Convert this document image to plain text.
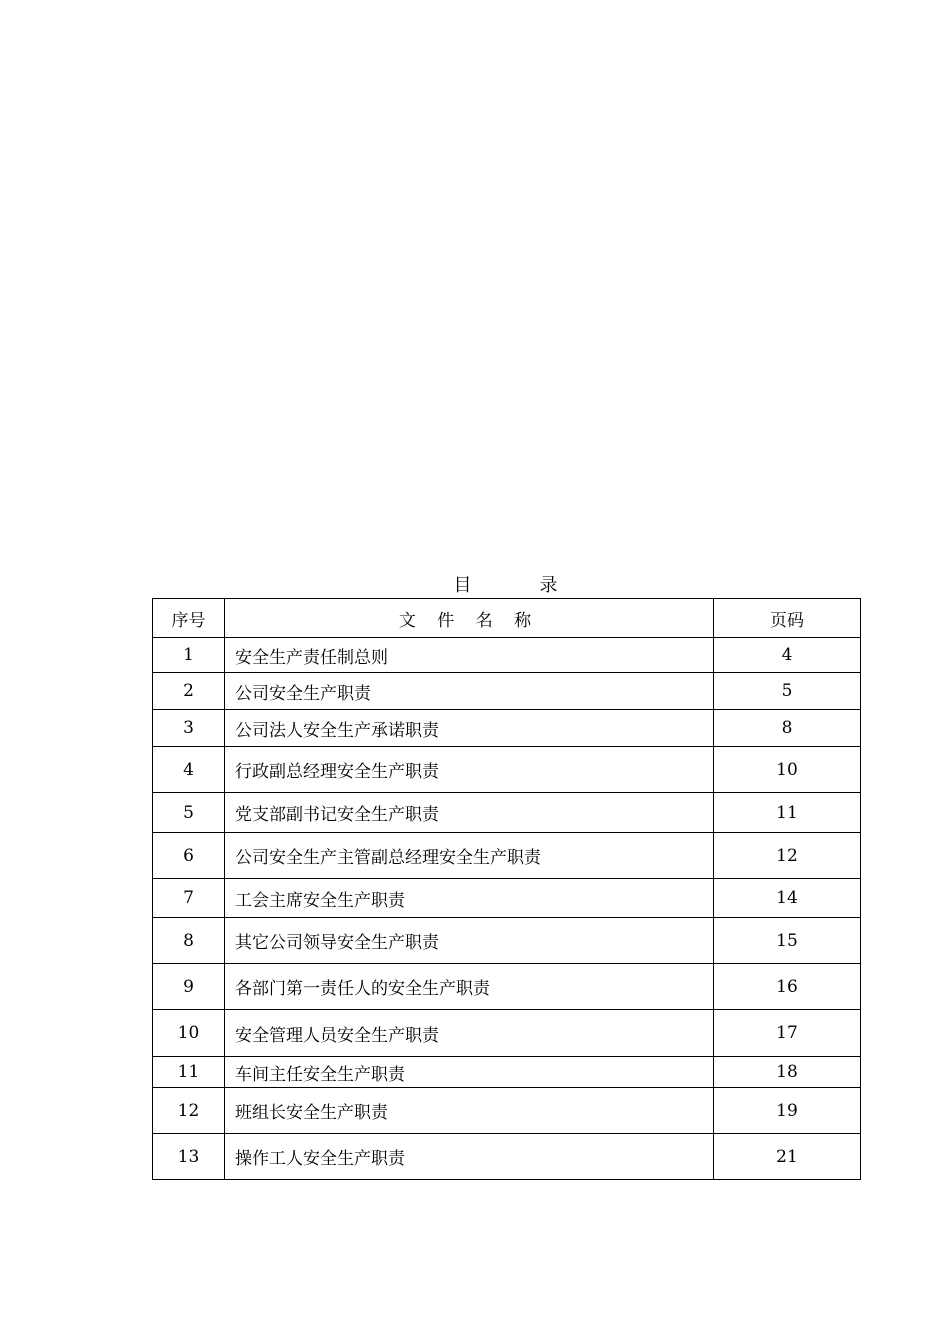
目录
序号	文 件 名 称	页码
1	安全生产责任制总则	4
2	公司安全生产职责	5
3	公司法人安全生产承诺职责	8
4	行政副总经理安全生产职责	10
5	党支部副书记安全生产职责	11
6	公司安全生产主管副总经理安全生产职责	12
7	工会主席安全生产职责	14
8	其它公司领导安全生产职责	15
9	各部门第一责任人的安全生产职责	16
10	安全管理人员安全生产职责	17
11	车间主任安全生产职责	18
12	班组长安全生产职责	19
13	操作工人安全生产职责	21
